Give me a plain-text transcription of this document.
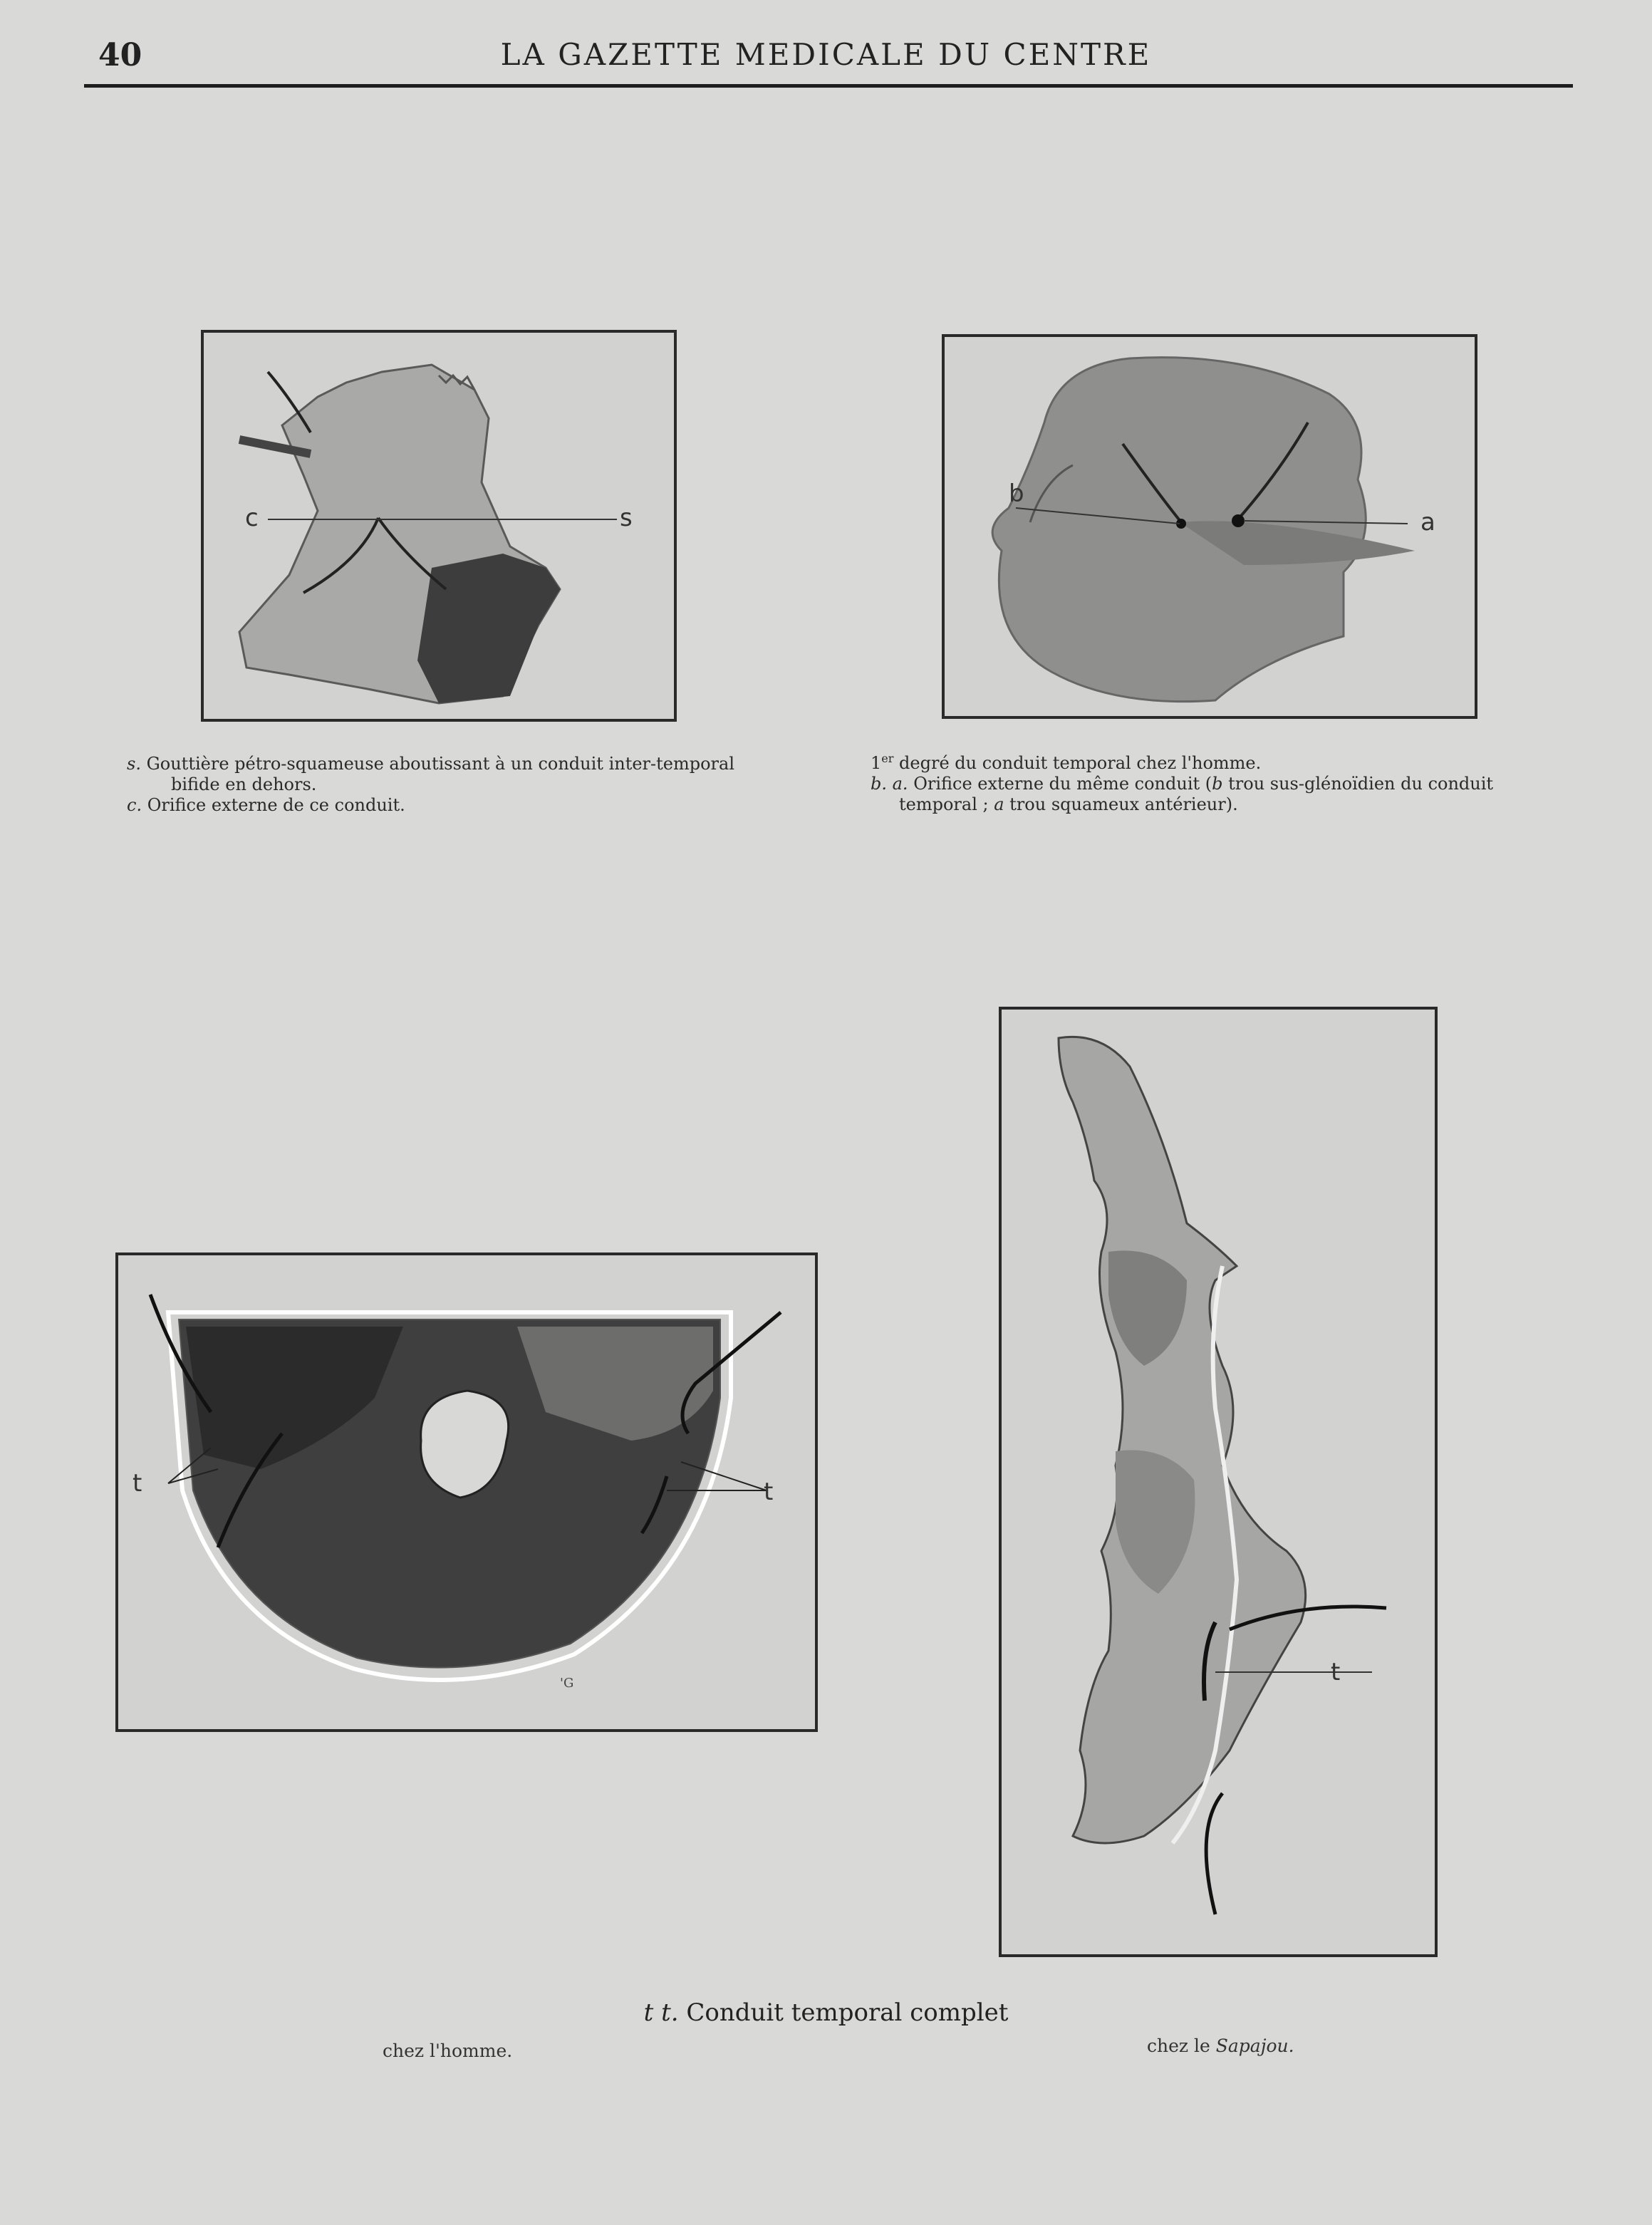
40	LA GAZETTE MEDICALE DU CENTRE
c	s
s. Gouttière pétro-squameuse aboutissant à un conduit inter-temporal
bifide en dehors.
c. Orifice externe de ce conduit.
b
a
1er degré du conduit temporal chez l'homme.
b. a. Orifice externe du même conduit (b trou sus-glénoïdien du conduit
temporal ; a trou squameux antérieur).
t	t
'G	t
t t. Conduit temporal complet
chez l'homme.	chez le Sapajou.
